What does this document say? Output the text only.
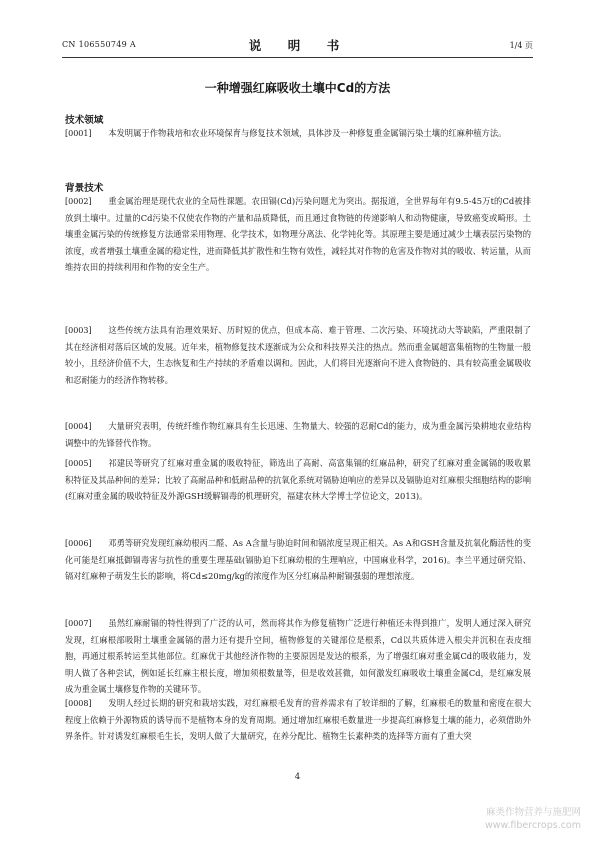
CN 106550749 A	说　明　书	1/4 页
一种增强红麻吸收土壤中Cd的方法
技术领域
[0001]   本发明属于作物栽培和农业环境保育与修复技术领域，具体涉及一种修复重金属镉污染土壤的红麻种植方法。
背景技术
[0002]   重金属治理是现代农业的全局性课题。农田镉(Cd)污染问题尤为突出。据报道，全世界每年有9.5-45万t的Cd被排放到土壤中。过量的Cd污染不仅使农作物的产量和品质降低，而且通过食物链的传递影响人和动物健康，导致癌变或畸形。土壤重金属污染的传统修复方法通常采用物理、化学技术，如物理分离法、化学钝化等。其原理主要是通过减少土壤表层污染物的浓度，或者增强土壤重金属的稳定性，进而降低其扩散性和生物有效性，减轻其对作物的危害及作物对其的吸收、转运量，从而维持农田的持续利用和作物的安全生产。
[0003]   这些传统方法具有治理效果好、历时短的优点，但成本高、难于管理、二次污染、环境扰动大等缺陷，严重限制了其在经济相对落后区域的发展。近年来，植物修复技术逐渐成为公众和科技界关注的热点。然而重金属超富集植物的生物量一般较小，且经济价值不大，生态恢复和生产持续的矛盾难以调和。因此，人们将目光逐渐向不进入食物链的、具有较高重金属吸收和忍耐能力的经济作物转移。
[0004]   大量研究表明，传统纤维作物红麻具有生长迅速、生物量大、较强的忍耐Cd的能力，成为重金属污染耕地农业结构调整中的先锋替代作物。
[0005]   祁建民等研究了红麻对重金属的吸收特征，筛选出了高耐、高富集镉的红麻品种，研究了红麻对重金属镉的吸收累积特征及其品种间的差异；比较了高耐品种和低耐品种的抗氧化系统对镉胁迫响应的差异以及镉胁迫对红麻根尖细胞结构的影响(红麻对重金属的吸收特征及外源GSH缓解镉毒的机理研究，福建农林大学博士学位论文，2013)。
[0006]   邓勇等研究发现红麻幼根丙二醛、As A含量与胁迫时间和镉浓度呈现正相关。As A和GSH含量及抗氧化酶活性的变化可能是红麻抵御镉毒害与抗性的重要生理基础(镉胁迫下红麻幼根的生理响应，中国麻业科学，2016)。李兰平通过研究铅、镉对红麻种子萌发生长的影响，将Cd≤20mg/kg的浓度作为区分红麻品种耐镉强弱的理想浓度。
[0007]   虽然红麻耐镉的特性得到了广泛的认可，然而将其作为修复植物广泛进行种植还未得到推广，发明人通过深入研究发现，红麻根部吸附土壤重金属镉的潜力还有提升空间，植物修复的关键部位是根系，Cd以共质体进入根尖并沉积在表皮细胞，再通过根系转运至其他部位。红麻优于其他经济作物的主要原因是发达的根系，为了增强红麻对重金属Cd的吸收能力，发明人做了各种尝试，例如延长红麻主根长度，增加须根数量等，但是收效甚微，如何激发红麻吸收土壤重金属Cd，是红麻发展成为重金属土壤修复作物的关键环节。
[0008]   发明人经过长期的研究和栽培实践，对红麻根毛发育的营养需求有了较详细的了解，红麻根毛的数量和密度在很大程度上依赖于外源物质的诱导而不是植物本身的发育周期。通过增加红麻根毛数量进一步提高红麻修复土壤的能力，必须借助外界条件。针对诱发红麻根毛生长，发明人做了大量研究，在养分配比、植物生长素种类的选择等方面有了重大突
4
麻类作物营养与施肥网
www.fibercrops.com
